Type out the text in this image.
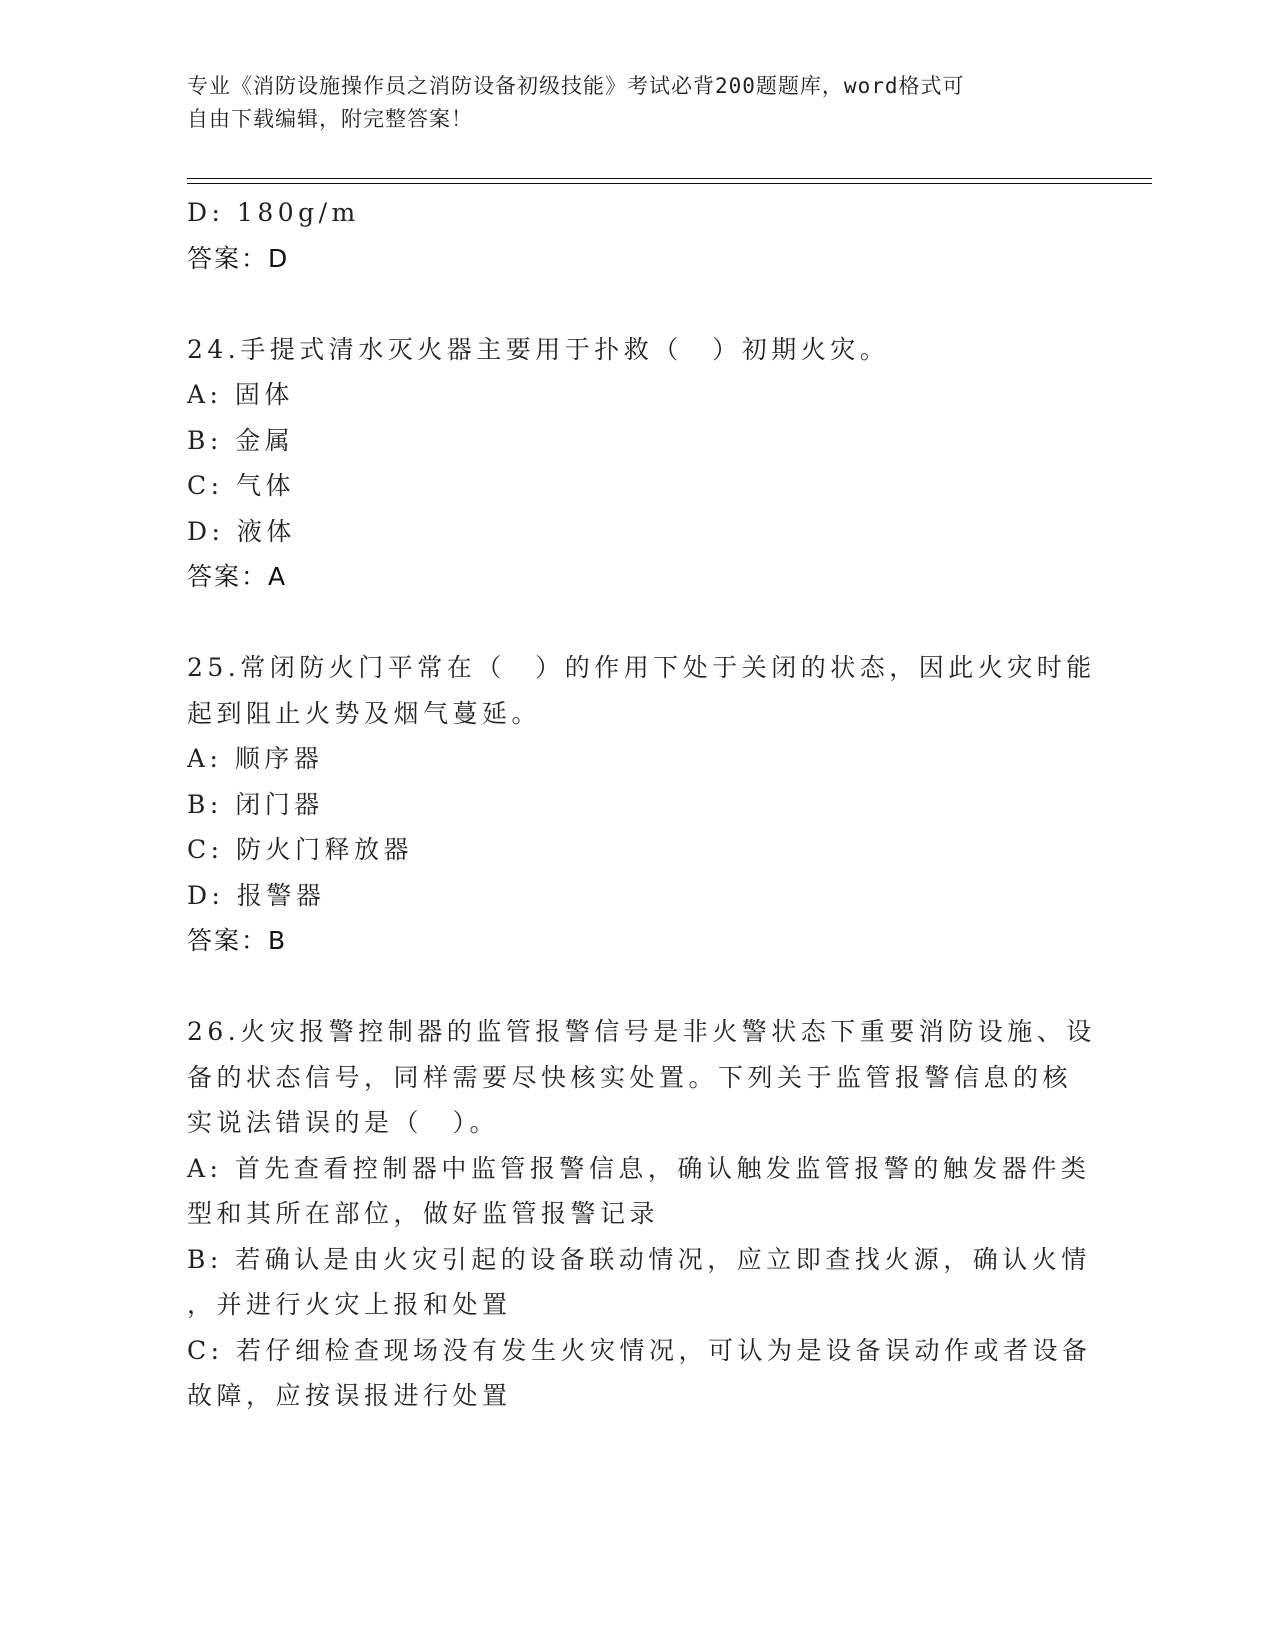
专业《消防设施操作员之消防设备初级技能》考试必背200题题库，word格式可
自由下载编辑，附完整答案！
D: 180g/m
答案：D
24.手提式清水灭火器主要用于扑救（　）初期火灾。
A: 固体
B: 金属
C: 气体
D: 液体
答案：A
25.常闭防火门平常在（　）的作用下处于关闭的状态，因此火灾时能
起到阻止火势及烟气蔓延。
A: 顺序器
B: 闭门器
C: 防火门释放器
D: 报警器
答案：B
26.火灾报警控制器的监管报警信号是非火警状态下重要消防设施、设
备的状态信号，同样需要尽快核实处置。下列关于监管报警信息的核
实说法错误的是（　）。
A: 首先查看控制器中监管报警信息，确认触发监管报警的触发器件类
型和其所在部位，做好监管报警记录
B: 若确认是由火灾引起的设备联动情况，应立即查找火源，确认火情
，并进行火灾上报和处置
C: 若仔细检查现场没有发生火灾情况，可认为是设备误动作或者设备
故障，应按误报进行处置
